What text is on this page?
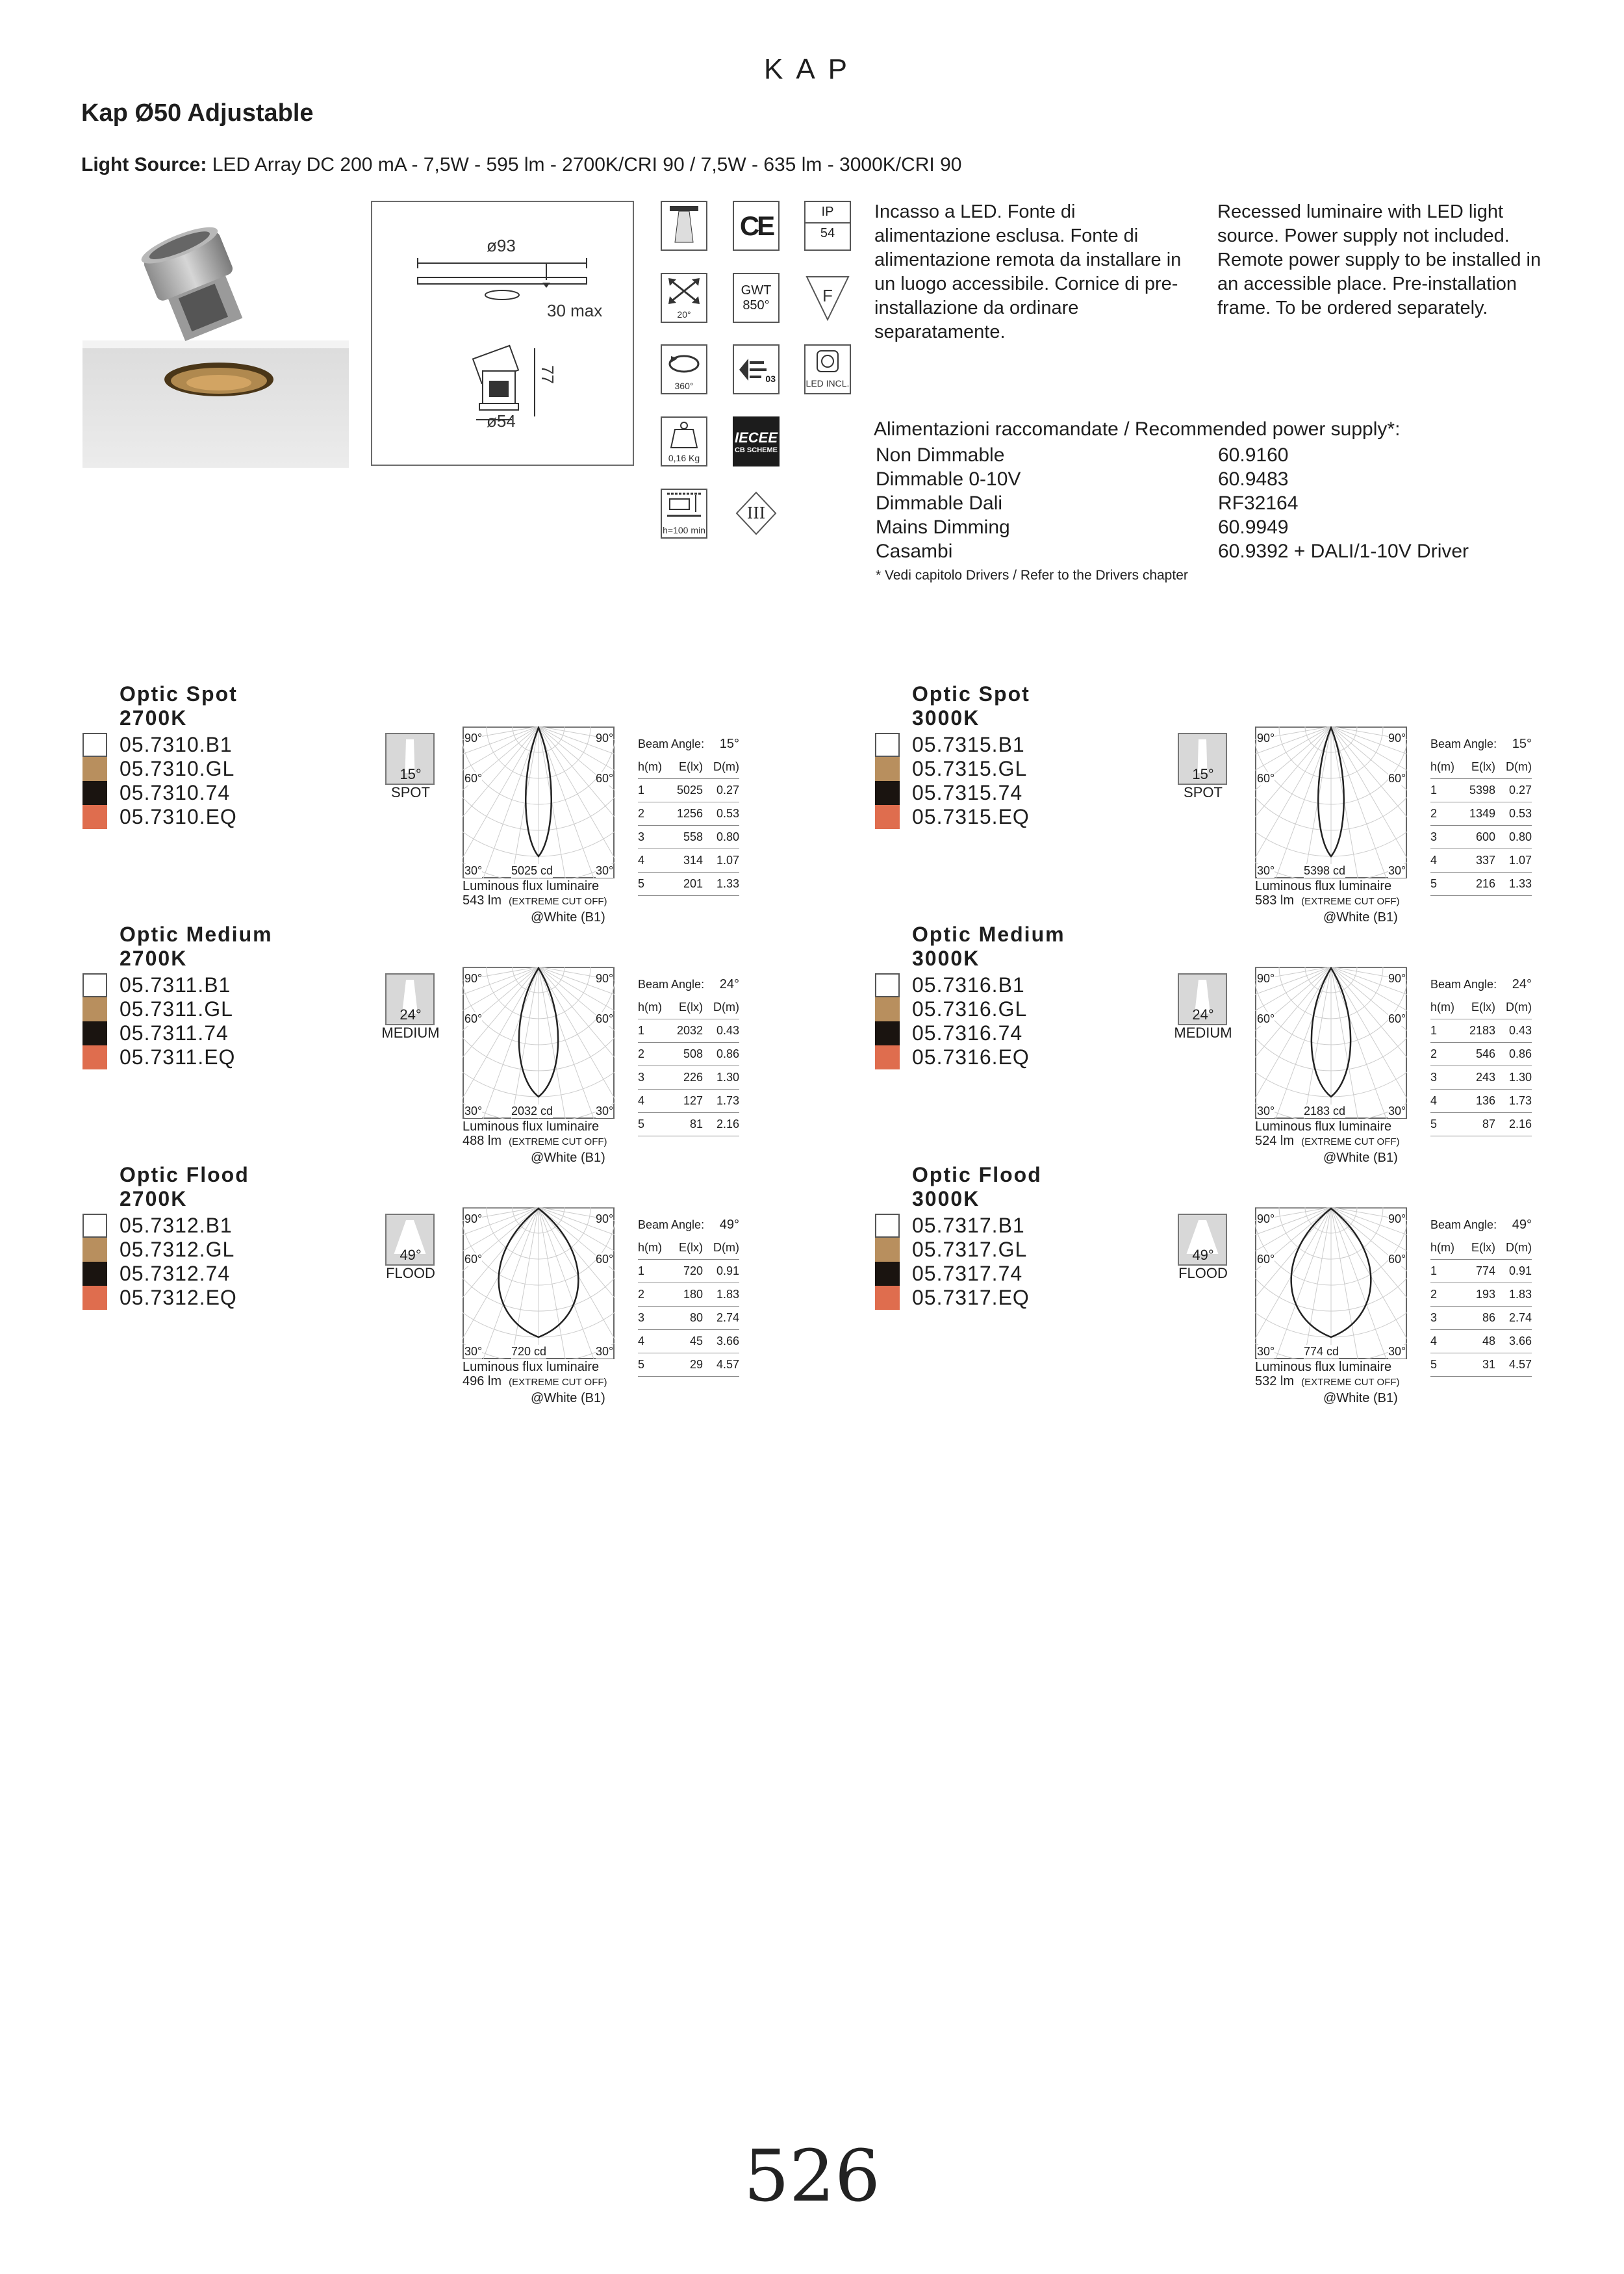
KAP
Kap Ø50 Adjustable
Light Source: LED Array DC 200 mA - 7,5W - 595 lm - 2700K/CRI 90 / 7,5W - 635 lm - 3000K/CRI 90
ø93
30 max
77
ø54
CE	IP
54
20°
GWT
850°	F
360°
03	LED INCL.
0,16 Kg
IECEE
CB SCHEME
h=100 min
III
Incasso a LED. Fonte di alimentazione esclusa. Fonte di alimentazione remota da installare in un luogo accessibile. Cornice di pre-installazione da ordinare separatamente.
Recessed luminaire with LED light source. Power supply not included. Remote power supply to be installed in an accessible place. Pre-installation frame. To be ordered separately.
Alimentazioni raccomandate / Recommended power supply*:
Non Dimmable	60.9160
Dimmable 0-10V	60.9483
Dimmable Dali	RF32164
Mains Dimming	60.9949
Casambi	60.9392 + DALI/1-10V Driver
* Vedi capitolo Drivers / Refer to the Drivers chapter
Optic Spot
2700K
05.7310.B1
05.7310.GL
05.7310.74
05.7310.EQ
15°
SPOT
90°	90°
60°	60°
30°	30°
5025 cd
Luminous flux luminaire
543 lm (EXTREME CUT OFF)
@White (B1)
Beam Angle:	15°
h(m)	E(lx) D(m)
1	5025	0.27
2	1256	0.53
3	558	0.80
4	314	1.07
5	201	1.33
Optic Spot
3000K
05.7315.B1
05.7315.GL
05.7315.74
05.7315.EQ
15°
SPOT
90°	90°
60°	60°
30°	30°
5398 cd
Luminous flux luminaire
583 lm (EXTREME CUT OFF)
@White (B1)
Beam Angle:	15°
h(m)	E(lx) D(m)
1	5398	0.27
2	1349	0.53
3	600	0.80
4	337	1.07
5	216	1.33
Optic Medium
2700K
05.7311.B1
05.7311.GL
05.7311.74
05.7311.EQ
24°
MEDIUM
90°	90°
60°	60°
30°	30°
2032 cd
Luminous flux luminaire
488 lm (EXTREME CUT OFF)
@White (B1)
Beam Angle:	24°
h(m)	E(lx) D(m)
1	2032	0.43
2	508	0.86
3	226	1.30
4	127	1.73
5	81	2.16
Optic Medium
3000K
05.7316.B1
05.7316.GL
05.7316.74
05.7316.EQ
24°
MEDIUM
90°	90°
60°	60°
30°	30°
2183 cd
Luminous flux luminaire
524 lm (EXTREME CUT OFF)
@White (B1)
Beam Angle:	24°
h(m)	E(lx) D(m)
1	2183	0.43
2	546	0.86
3	243	1.30
4	136	1.73
5	87	2.16
Optic Flood
2700K
05.7312.B1
05.7312.GL
05.7312.74
05.7312.EQ
49°
FLOOD
90°	90°
60°	60°
30°	30°
720 cd
Luminous flux luminaire
496 lm (EXTREME CUT OFF)
@White (B1)
Beam Angle:	49°
h(m)	E(lx) D(m)
1	720	0.91
2	180	1.83
3	80	2.74
4	45	3.66
5	29	4.57
Optic Flood
3000K
05.7317.B1
05.7317.GL
05.7317.74
05.7317.EQ
49°
FLOOD
90°	90°
60°	60°
30°	30°
774 cd
Luminous flux luminaire
532 lm (EXTREME CUT OFF)
@White (B1)
Beam Angle:	49°
h(m)	E(lx) D(m)
1	774	0.91
2	193	1.83
3	86	2.74
4	48	3.66
5	31	4.57
526
